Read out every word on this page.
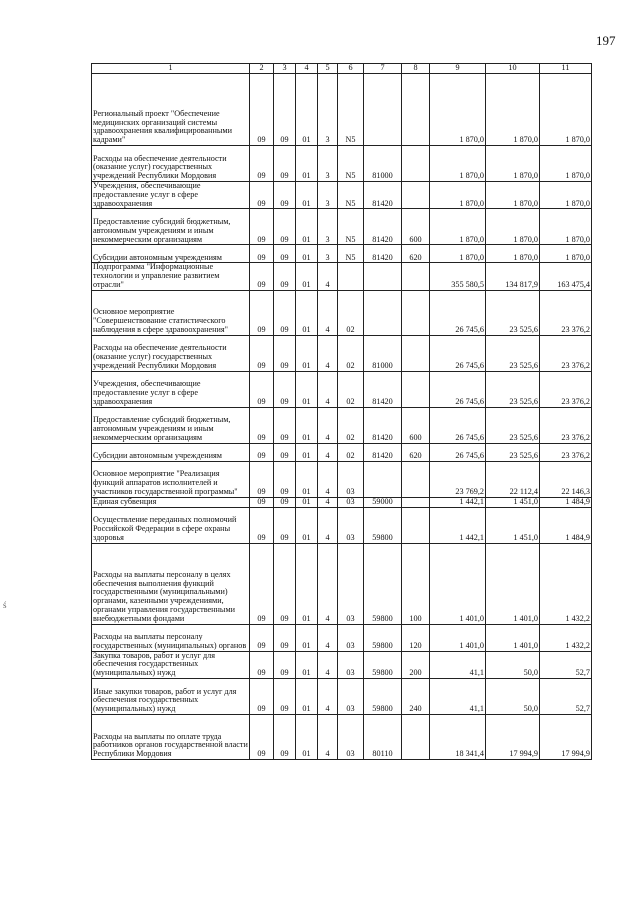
197
ś
1	2	3	4	5	6	7	8	9	10	11
Региональный проект "Обеспечение медицинских организаций системы здравоохранения квалифицированными кадрами"	09	09	01	3	N5			1 870,0	1 870,0	1 870,0
Расходы на обеспечение деятельности (оказание услуг) государственных учреждений Республики Мордовия	09	09	01	3	N5	81000		1 870,0	1 870,0	1 870,0
Учреждения, обеспечивающие предоставление услуг в сфере здравоохранения	09	09	01	3	N5	81420		1 870,0	1 870,0	1 870,0
Предоставление субсидий бюджетным, автономным учреждениям и иным некоммерческим организациям	09	09	01	3	N5	81420	600	1 870,0	1 870,0	1 870,0
Субсидии автономным учреждениям	09	09	01	3	N5	81420	620	1 870,0	1 870,0	1 870,0
Подпрограмма "Информационные технологии и управление развитием отрасли"	09	09	01	4				355 580,5	134 817,9	163 475,4
Основное мероприятие "Совершенствование статистического наблюдения в сфере здравоохранения"	09	09	01	4	02			26 745,6	23 525,6	23 376,2
Расходы на обеспечение деятельности (оказание услуг) государственных учреждений Республики Мордовия	09	09	01	4	02	81000		26 745,6	23 525,6	23 376,2
Учреждения, обеспечивающие предоставление услуг в сфере здравоохранения	09	09	01	4	02	81420		26 745,6	23 525,6	23 376,2
Предоставление субсидий бюджетным, автономным учреждениям и иным некоммерческим организациям	09	09	01	4	02	81420	600	26 745,6	23 525,6	23 376,2
Субсидии автономным учреждениям	09	09	01	4	02	81420	620	26 745,6	23 525,6	23 376,2
Основное мероприятие "Реализация функций аппаратов исполнителей и участников государственной программы"	09	09	01	4	03			23 769,2	22 112,4	22 146,3
Единая субвенция	09	09	01	4	03	59000		1 442,1	1 451,0	1 484,9
Осуществление переданных полномочий Российской Федерации в сфере охраны здоровья	09	09	01	4	03	59800		1 442,1	1 451,0	1 484,9
Расходы на выплаты персоналу в целях обеспечения выполнения функций государственными (муниципальными) органами, казенными учреждениями, органами управления государственными внебюджетными фондами	09	09	01	4	03	59800	100	1 401,0	1 401,0	1 432,2
Расходы на выплаты персоналу государственных (муниципальных) органов	09	09	01	4	03	59800	120	1 401,0	1 401,0	1 432,2
Закупка товаров, работ и услуг для обеспечения государственных (муниципальных) нужд	09	09	01	4	03	59800	200	41,1	50,0	52,7
Иные закупки товаров, работ и услуг для обеспечения государственных (муниципальных) нужд	09	09	01	4	03	59800	240	41,1	50,0	52,7
Расходы на выплаты по оплате труда работников органов государственной власти Республики Мордовия	09	09	01	4	03	80110		18 341,4	17 994,9	17 994,9
